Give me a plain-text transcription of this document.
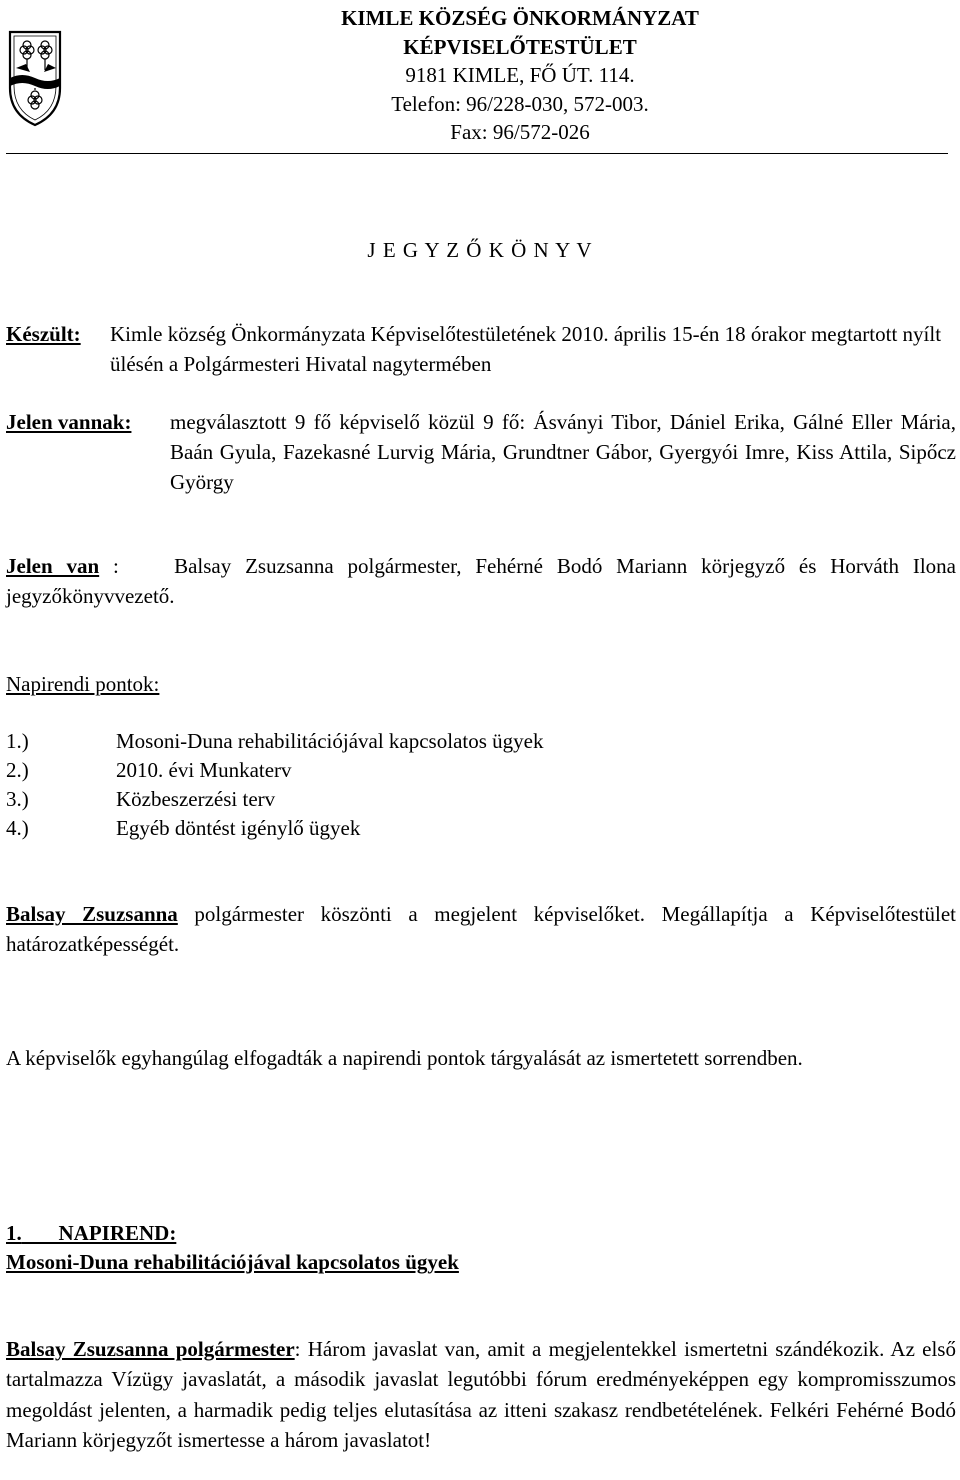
KIMLE KÖZSÉG ÖNKORMÁNYZAT
KÉPVISELŐTESTÜLET
9181 KIMLE, FŐ ÚT. 114.
Telefon: 96/228-030, 572-003.
Fax: 96/572-026
J E G Y Z Ő K Ö N Y V
Készült:	Kimle község Önkormányzata Képviselőtestületének 2010. április 15-én 18 órakor megtartott nyílt ülésén a Polgármesteri Hivatal nagytermében
Jelen vannak:	megválasztott 9 fő képviselő közül 9 fő: Ásványi Tibor, Dániel Erika, Gálné Eller Mária, Baán Gyula, Fazekasné Lurvig Mária, Grundtner Gábor, Gyergyói Imre, Kiss Attila, Sipőcz György
Jelen van :	Balsay Zsuzsanna polgármester, Fehérné Bodó Mariann körjegyző és Horváth Ilona jegyzőkönyvvezető.
Napirendi pontok:
1.)	Mosoni-Duna rehabilitációjával kapcsolatos ügyek
2.)	2010. évi Munkaterv
3.)	Közbeszerzési terv
4.)	Egyéb döntést igénylő ügyek
Balsay Zsuzsanna polgármester köszönti a megjelent képviselőket. Megállapítja a Képviselőtestület határozatképességét.
A képviselők egyhangúlag elfogadták a napirendi pontok tárgyalását az ismertetett sorrendben.
1. NAPIREND:
Mosoni-Duna rehabilitációjával kapcsolatos ügyek
Balsay Zsuzsanna polgármester: Három javaslat van, amit a megjelentekkel ismertetni szándékozik. Az első tartalmazza Vízügy javaslatát, a második javaslat legutóbbi fórum eredményeképpen egy kompromisszumos megoldást jelenten, a harmadik pedig teljes elutasítása az itteni szakasz rendbetételének. Felkéri Fehérné Bodó Mariann körjegyzőt ismertesse a három javaslatot!
